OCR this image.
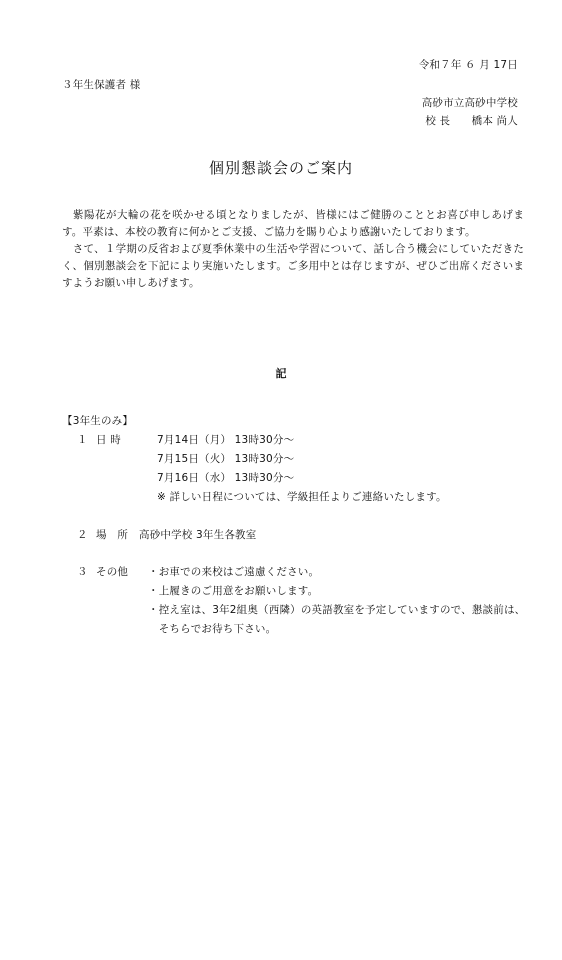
令和７年 ６ 月 17日
３年生保護者 様
高砂市立高砂中学校
校 長　　橋本 尚人
個別懇談会のご案内
　紫陽花が大輪の花を咲かせる頃となりましたが、皆様にはご健勝のこととお喜び申しあげます。平素は、本校の教育に何かとご支援、ご協力を賜り心より感謝いたしております。
　さて、１学期の反省および夏季休業中の生活や学習について、話し合う機会にしていただきたく、個別懇談会を下記により実施いたします。ご多用中とは存じますが、ぜひご出席くださいますようお願い申しあげます。
記
【3年生のみ】
１ 日 時	7月14日（月） 13時30分～
7月15日（火） 13時30分～
7月16日（水） 13時30分～
※ 詳しい日程については、学級担任よりご連絡いたします。
２ 場　所 高砂中学校 3年生各教室
３ その他 ・お車での来校はご遠慮ください。
・上履きのご用意をお願いします。
・控え室は、3年2組奥（西隣）の英語教室を予定していますので、懇談前は、
　そちらでお待ち下さい。
